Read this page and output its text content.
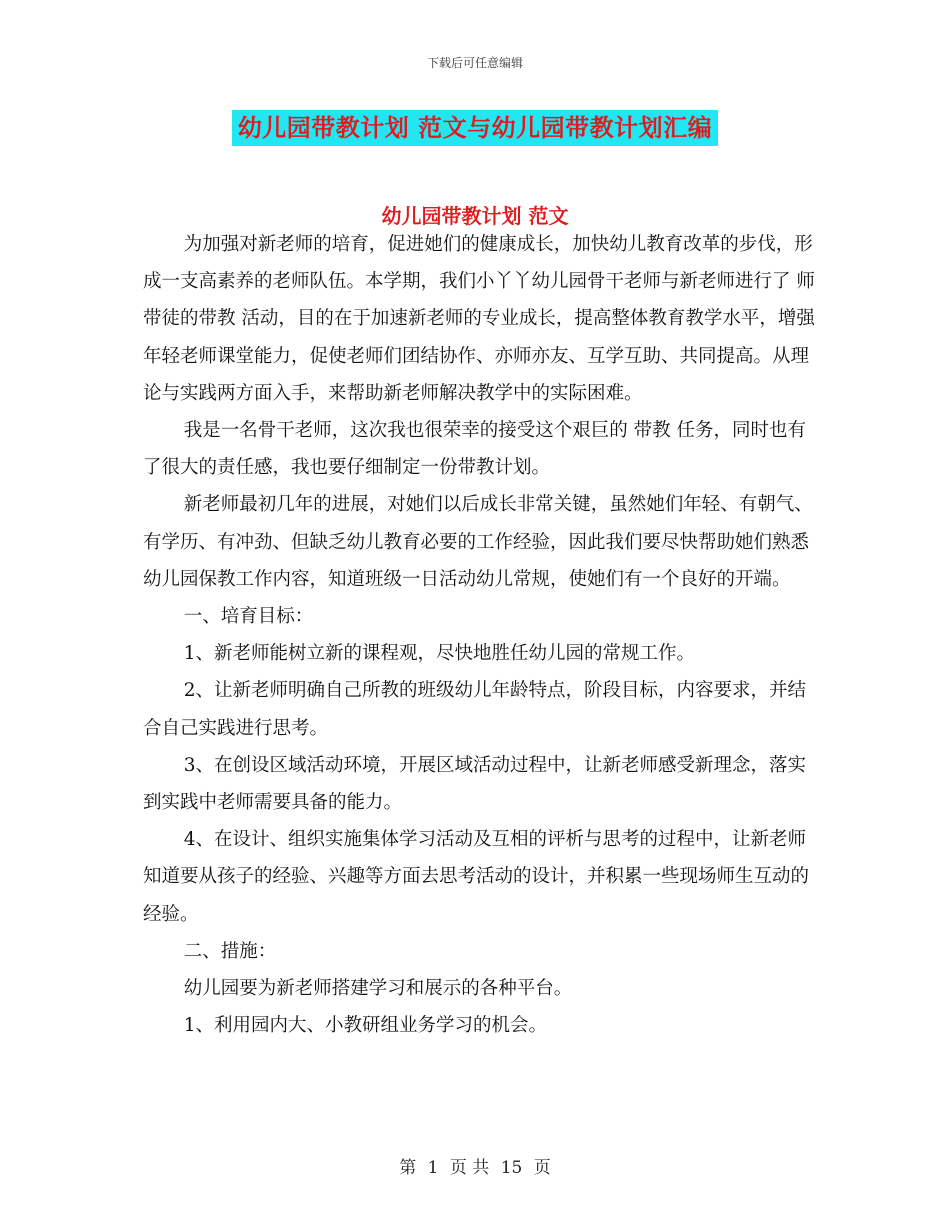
下载后可任意编辑
幼儿园带教计划 范文与幼儿园带教计划汇编
幼儿园带教计划 范文

为加强对新老师的培育，促进她们的健康成长，加快幼儿教育改革的步伐，形成一支高素养的老师队伍。本学期，我们小丫丫幼儿园骨干老师与新老师进行了 师带徒的带教 活动，目的在于加速新老师的专业成长，提高整体教育教学水平，增强年轻老师课堂能力，促使老师们团结协作、亦师亦友、互学互助、共同提高。从理论与实践两方面入手，来帮助新老师解决教学中的实际困难。

我是一名骨干老师，这次我也很荣幸的接受这个艰巨的 带教 任务，同时也有了很大的责任感，我也要仔细制定一份带教计划。

新老师最初几年的进展，对她们以后成长非常关键，虽然她们年轻、有朝气、有学历、有冲劲、但缺乏幼儿教育必要的工作经验，因此我们要尽快帮助她们熟悉幼儿园保教工作内容，知道班级一日活动幼儿常规，使她们有一个良好的开端。

一、培育目标：

1、新老师能树立新的课程观，尽快地胜任幼儿园的常规工作。

2、让新老师明确自己所教的班级幼儿年龄特点，阶段目标，内容要求，并结合自己实践进行思考。

3、在创设区域活动环境，开展区域活动过程中，让新老师感受新理念，落实到实践中老师需要具备的能力。

4、在设计、组织实施集体学习活动及互相的评析与思考的过程中，让新老师知道要从孩子的经验、兴趣等方面去思考活动的设计，并积累一些现场师生互动的经验。

二、措施：

幼儿园要为新老师搭建学习和展示的各种平台。

1、利用园内大、小教研组业务学习的机会。

第 1 页 共 15 页
